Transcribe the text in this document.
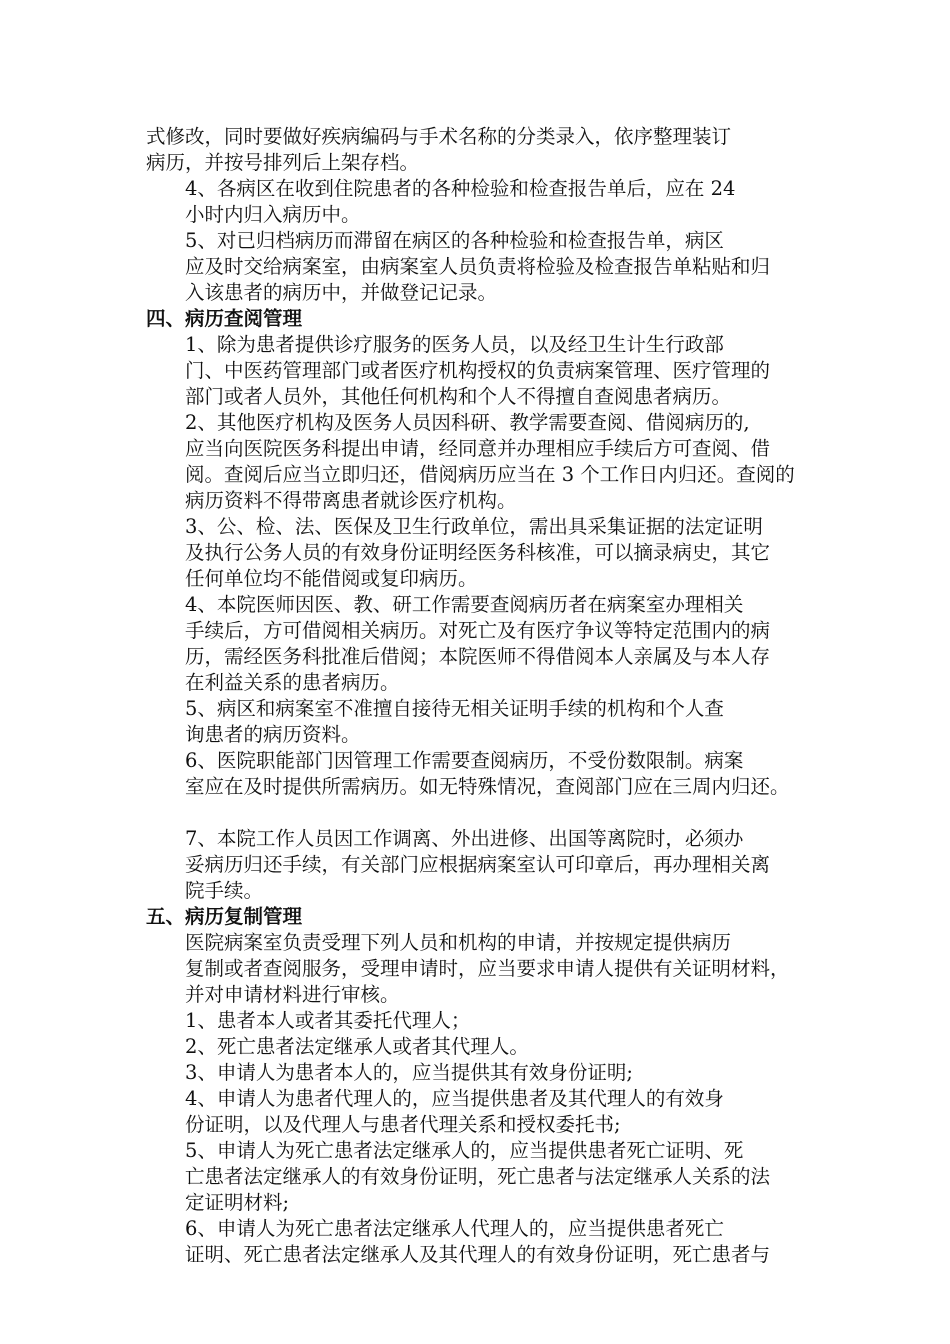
式修改，同时要做好疾病编码与手术名称的分类录入，依序整理装订
病历，并按号排列后上架存档。
4、各病区在收到住院患者的各种检验和检查报告单后，应在 24
小时内归入病历中。
5、对已归档病历而滞留在病区的各种检验和检查报告单，病区
应及时交给病案室，由病案室人员负责将检验及检查报告单粘贴和归
入该患者的病历中，并做登记记录。
四、病历查阅管理
1、除为患者提供诊疗服务的医务人员，以及经卫生计生行政部
门、中医药管理部门或者医疗机构授权的负责病案管理、医疗管理的
部门或者人员外，其他任何机构和个人不得擅自查阅患者病历。
2、其他医疗机构及医务人员因科研、教学需要查阅、借阅病历的,
应当向医院医务科提出申请，经同意并办理相应手续后方可查阅、借
阅。查阅后应当立即归还，借阅病历应当在 3 个工作日内归还。查阅的
病历资料不得带离患者就诊医疗机构。
3、公、检、法、医保及卫生行政单位，需出具采集证据的法定证明
及执行公务人员的有效身份证明经医务科核准，可以摘录病史，其它
任何单位均不能借阅或复印病历。
4、本院医师因医、教、研工作需要查阅病历者在病案室办理相关
手续后，方可借阅相关病历。对死亡及有医疗争议等特定范围内的病
历，需经医务科批准后借阅；本院医师不得借阅本人亲属及与本人存
在利益关系的患者病历。
5、病区和病案室不准擅自接待无相关证明手续的机构和个人查
询患者的病历资料。
6、医院职能部门因管理工作需要查阅病历，不受份数限制。病案
室应在及时提供所需病历。如无特殊情况，查阅部门应在三周内归还。
7、本院工作人员因工作调离、外出进修、出国等离院时，必须办
妥病历归还手续，有关部门应根据病案室认可印章后，再办理相关离
院手续。
五、病历复制管理
医院病案室负责受理下列人员和机构的申请，并按规定提供病历
复制或者查阅服务，受理申请时，应当要求申请人提供有关证明材料，
并对申请材料进行审核。
1、患者本人或者其委托代理人；
2、死亡患者法定继承人或者其代理人。
3、申请人为患者本人的，应当提供其有效身份证明;
4、申请人为患者代理人的，应当提供患者及其代理人的有效身
份证明，以及代理人与患者代理关系和授权委托书;
5、申请人为死亡患者法定继承人的，应当提供患者死亡证明、死
亡患者法定继承人的有效身份证明，死亡患者与法定继承人关系的法
定证明材料;
6、申请人为死亡患者法定继承人代理人的，应当提供患者死亡
证明、死亡患者法定继承人及其代理人的有效身份证明，死亡患者与
